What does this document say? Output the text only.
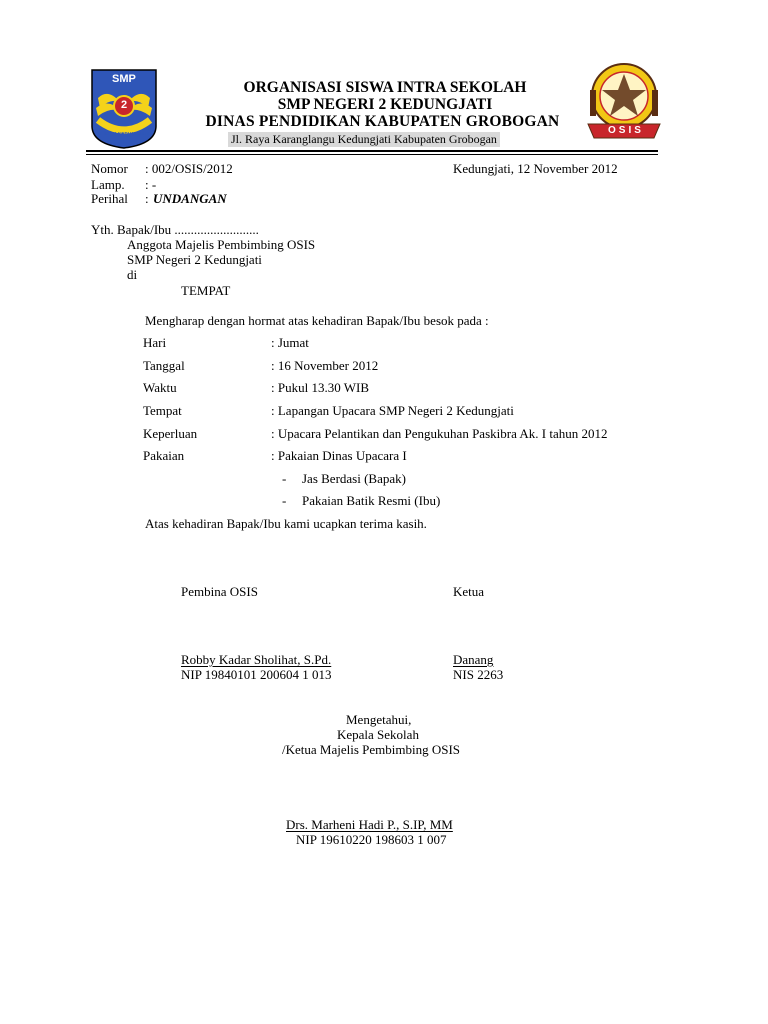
SMP
2
NEGERI KEDUNGJATI	OSIS
ORGANISASI SISWA INTRA SEKOLAH
SMP NEGERI 2 KEDUNGJATI
DINAS PENDIDIKAN KABUPATEN GROBOGAN
Jl. Raya Karanglangu Kedungjati Kabupaten Grobogan
Nomor : 002/OSIS/2012	Kedungjati, 12 November 2012
Lamp. : -
Perihal : UNDANGAN
Yth. Bapak/Ibu ..........................
Anggota Majelis Pembimbing OSIS
SMP Negeri 2 Kedungjati
di
TEMPAT
Mengharap dengan hormat atas kehadiran Bapak/Ibu besok pada :
Hari	: Jumat
Tanggal	: 16 November 2012
Waktu	: Pukul 13.30 WIB
Tempat	: Lapangan Upacara SMP Negeri 2 Kedungjati
Keperluan	: Upacara Pelantikan dan Pengukuhan Paskibra Ak. I tahun 2012
Pakaian	: Pakaian Dinas Upacara I
- Jas Berdasi (Bapak)
- Pakaian Batik Resmi (Ibu)
Atas kehadiran Bapak/Ibu kami ucapkan terima kasih.
Pembina OSIS	Ketua
Robby Kadar Sholihat, S.Pd.	Danang
NIP 19840101 200604 1 013	NIS 2263
Mengetahui,
Kepala Sekolah
/Ketua Majelis Pembimbing OSIS
Drs. Marheni Hadi P., S.IP, MM
NIP 19610220 198603 1 007
